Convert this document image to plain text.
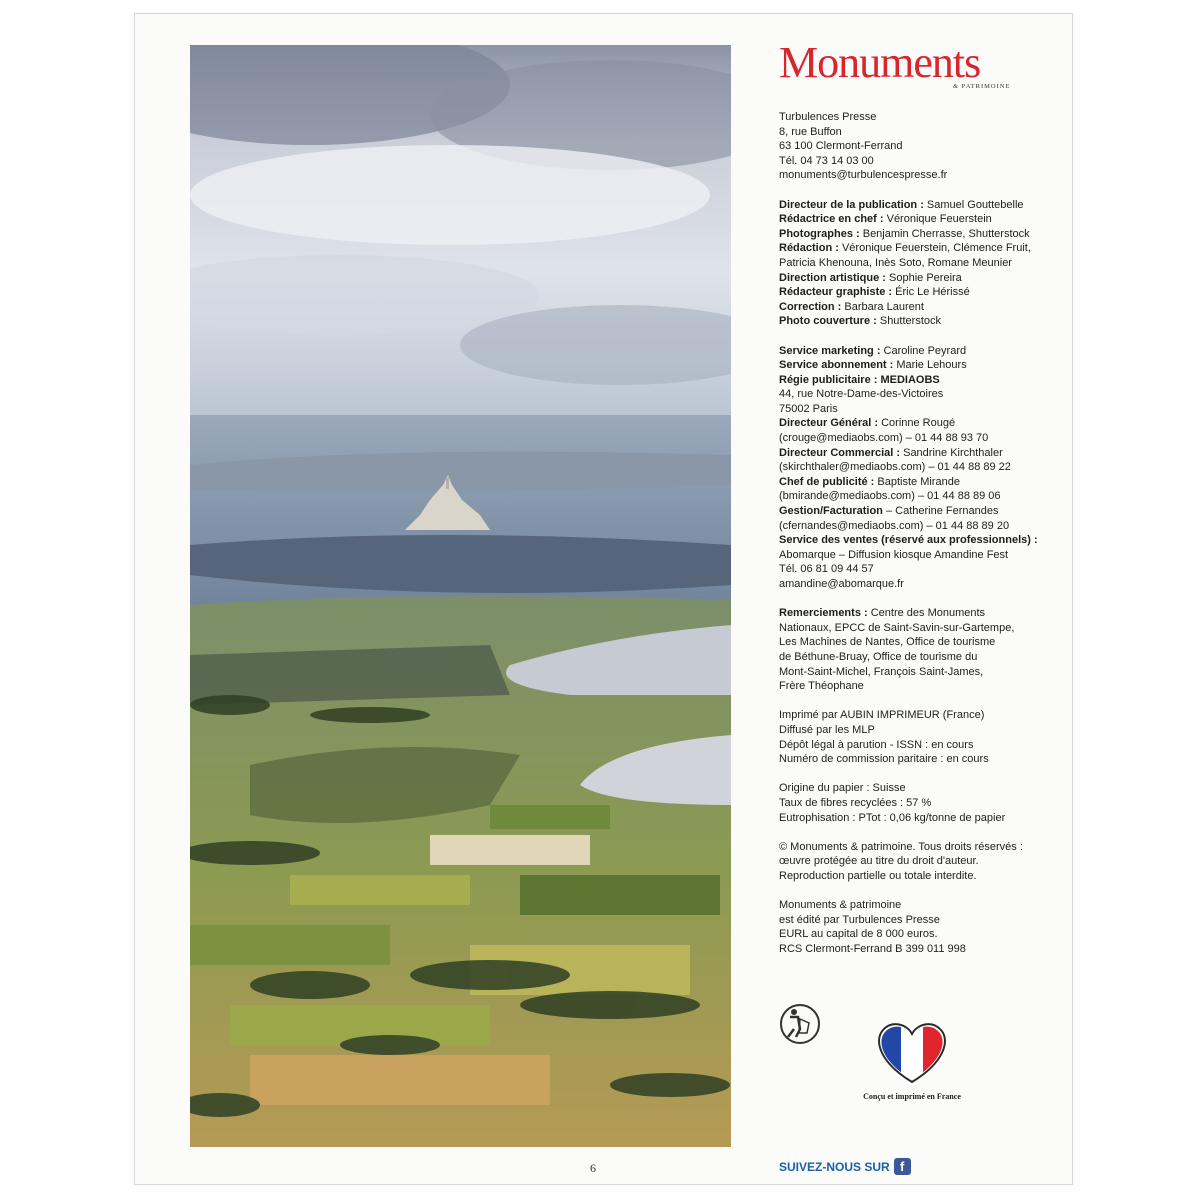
Monuments
& PATRIMOINE
Turbulences Presse
8, rue Buffon
63 100 Clermont-Ferrand
Tél. 04 73 14 03 00
monuments@turbulencespresse.fr
Directeur de la publication : Samuel Gouttebelle
Rédactrice en chef : Véronique Feuerstein
Photographes : Benjamin Cherrasse, Shutterstock
Rédaction : Véronique Feuerstein, Clémence Fruit,
Patricia Khenouna, Inès Soto, Romane Meunier
Direction artistique : Sophie Pereira
Rédacteur graphiste : Éric Le Hérissé
Correction : Barbara Laurent
Photo couverture : Shutterstock
Service marketing : Caroline Peyrard
Service abonnement : Marie Lehours
Régie publicitaire : MEDIAOBS
44, rue Notre-Dame-des-Victoires
75002 Paris
Directeur Général : Corinne Rougé
(crouge@mediaobs.com) – 01 44 88 93 70
Directeur Commercial : Sandrine Kirchthaler
(skirchthaler@mediaobs.com) – 01 44 88 89 22
Chef de publicité : Baptiste Mirande
(bmirande@mediaobs.com) – 01 44 88 89 06
Gestion/Facturation – Catherine Fernandes
(cfernandes@mediaobs.com) – 01 44 88 89 20
Service des ventes (réservé aux professionnels) :
Abomarque – Diffusion kiosque Amandine Fest
Tél. 06 81 09 44 57
amandine@abomarque.fr
Remerciements : Centre des Monuments
Nationaux, EPCC de Saint-Savin-sur-Gartempe,
Les Machines de Nantes, Office de tourisme
de Béthune-Bruay, Office de tourisme du
Mont-Saint-Michel, François Saint-James,
Frère Théophane
Imprimé par AUBIN IMPRIMEUR (France)
Diffusé par les MLP
Dépôt légal à parution - ISSN : en cours
Numéro de commission paritaire : en cours
Origine du papier : Suisse
Taux de fibres recyclées : 57 %
Eutrophisation : PTot : 0,06 kg/tonne de papier
© Monuments & patrimoine. Tous droits réservés :
œuvre protégée au titre du droit d'auteur.
Reproduction partielle ou totale interdite.
Monuments & patrimoine
est édité par Turbulences Presse
EURL au capital de 8 000 euros.
RCS Clermont-Ferrand B 399 011 998
Conçu et imprimé en France
SUIVEZ-NOUS SUR f
6
